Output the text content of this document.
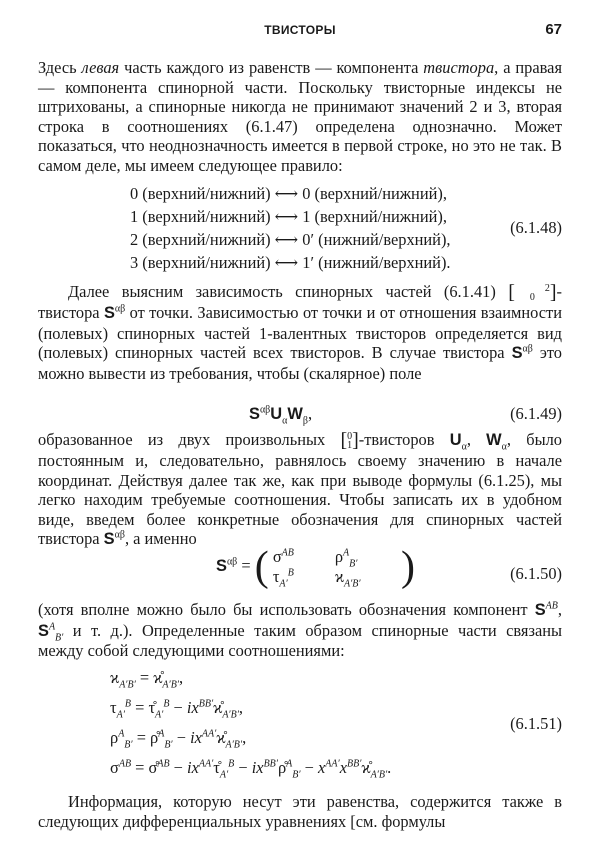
ТВИСТОРЫ	67

Здесь левая часть каждого из равенств — компонента твистора, а правая — компонента спинорной части. Поскольку твисторные индексы не штрихованы, а спинорные никогда не принимают значений 2 и 3, вторая строка в соотношениях (6.1.47) определена однозначно. Может показаться, что неоднозначность имеется в первой строке, но это не так. В самом деле, мы имеем следующее правило:

0 (верхний/нижний) ⟷ 0 (верхний/нижний),
1 (верхний/нижний) ⟷ 1 (верхний/нижний),
2 (верхний/нижний) ⟷ 0′ (нижний/верхний),
3 (верхний/нижний) ⟷ 1′ (нижний/верхний).
(6.1.48)

Далее выясним зависимость спинорных частей (6.1.41) [	2
0 ]-твистора $S^{\alpha\beta}$ от точки. Зависимостью от точки и от отношения взаимности (полевых) спинорных частей 1-валентных твисторов определяется вид (полевых) спинорных частей всех твисторов. В случае твистора $S^{\alpha\beta}$ это можно вывести из требования, чтобы (скалярное) поле

$S^{\alpha\beta}U_\alpha W_\beta$,	(6.1.49)

образованное из двух произвольных [0
1]-твисторов $U_\alpha$, $W_\alpha$, было постоянным и, следовательно, равнялось своему значению в начале координат. Действуя далее так же, как при выводе формулы (6.1.25), мы легко находим требуемые соотношения. Чтобы записать их в удобном виде, введем более конкретные обозначения для спинорных частей твистора $S^{\alpha\beta}$, а именно

$S^{\alpha\beta}$ = ( $\sigma^{AB}$ $\rho^A_{B'}$
$\tau_{A'}^B$	$ϰ_{A'B'}$ )	(6.1.50)

(хотя вполне можно было бы использовать обозначения компонент $S^{AB}$, $S^A_{B'}$ и т. д.). Определенные таким образом спинорные части связаны между собой следующими соотношениями:

$ϰ_{A'B'}$ = $ϰ̊_{A'B'}$,
$\tau_{A'}^B$ = $\taů_{A'}^B$ − $ix^{BB'}ϰ̊_{A'B'}$,
$\rho^A_{B'}$ = ρ̊$^A_{B'}$ − $ix^{AA'}ϰ̊_{A'B'}$,
$\sigma^{AB}$ = σ̊$^{AB}$ − $ix^{AA'}\taů_{A'}^B$ − $ix^{BB'}\rho̊^A_{B'}$ − $x^{AA'}x^{BB'}ϰ̊_{A'B'}$.
(6.1.51)

Информация, которую несут эти равенства, содержится также в следующих дифференциальных уравнениях [см. формулы
